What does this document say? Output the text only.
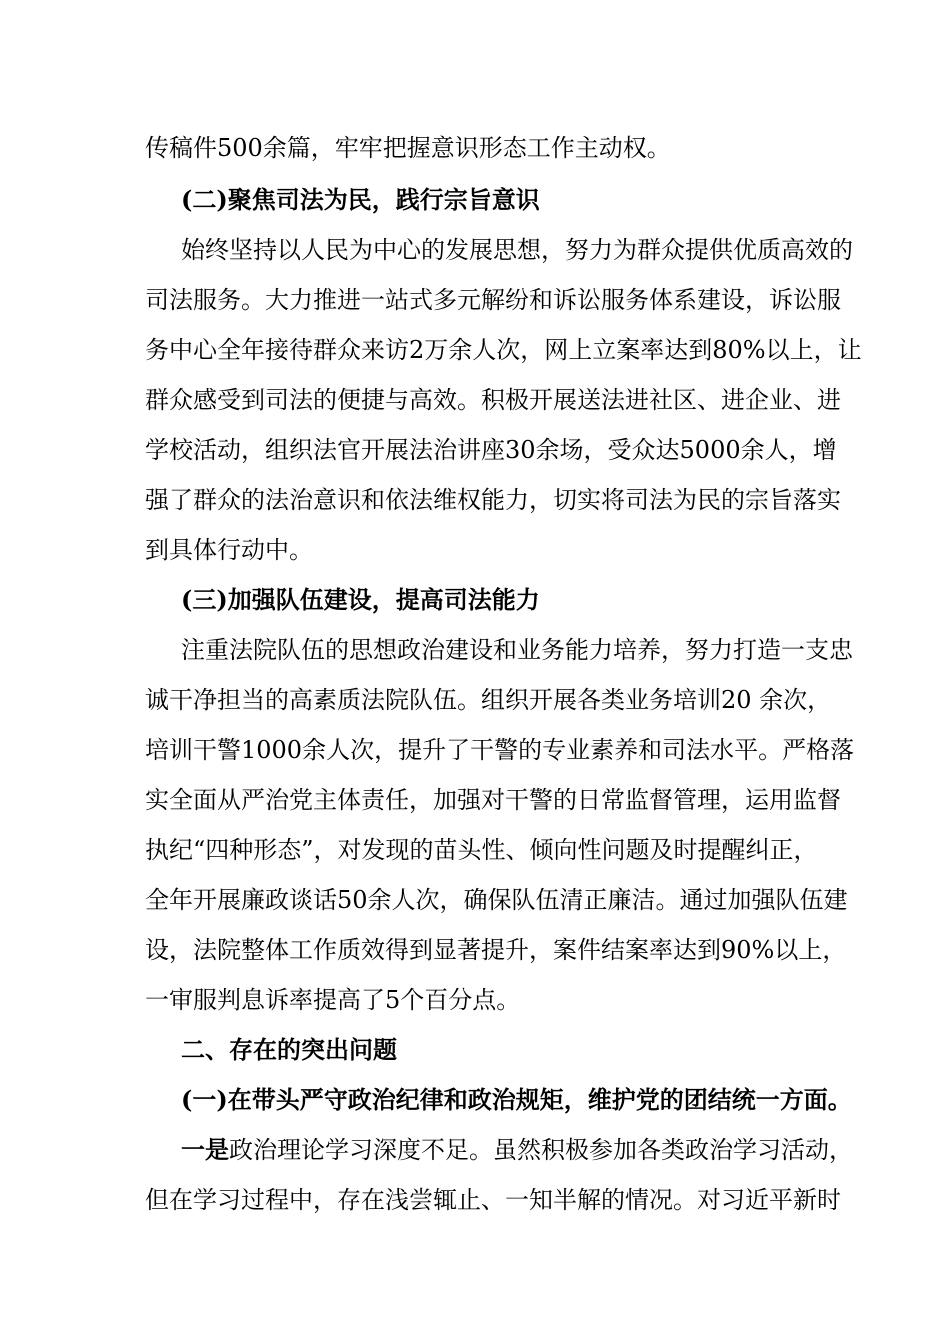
传稿件500余篇，牢牢把握意识形态工作主动权。
(二)聚焦司法为民，践行宗旨意识
始终坚持以人民为中心的发展思想，努力为群众提供优质高效的
司法服务。大力推进一站式多元解纷和诉讼服务体系建设，诉讼服
务中心全年接待群众来访2万余人次，网上立案率达到80%以上，让
群众感受到司法的便捷与高效。积极开展送法进社区、进企业、进
学校活动，组织法官开展法治讲座30余场，受众达5000余人，增
强了群众的法治意识和依法维权能力，切实将司法为民的宗旨落实
到具体行动中。
(三)加强队伍建设，提高司法能力
注重法院队伍的思想政治建设和业务能力培养，努力打造一支忠
诚干净担当的高素质法院队伍。组织开展各类业务培训20 余次，
培训干警1000余人次，提升了干警的专业素养和司法水平。严格落
实全面从严治党主体责任，加强对干警的日常监督管理，运用监督
执纪“四种形态”，对发现的苗头性、倾向性问题及时提醒纠正，
全年开展廉政谈话50余人次，确保队伍清正廉洁。通过加强队伍建
设，法院整体工作质效得到显著提升，案件结案率达到90%以上，
一审服判息诉率提高了5个百分点。
二、存在的突出问题
(一)在带头严守政治纪律和政治规矩，维护党的团结统一方面。
一是 政治理论学习深度不足。虽然积极参加各类政治学习活动，
但在学习过程中，存在浅尝辄止、一知半解的情况。对习近平新时
